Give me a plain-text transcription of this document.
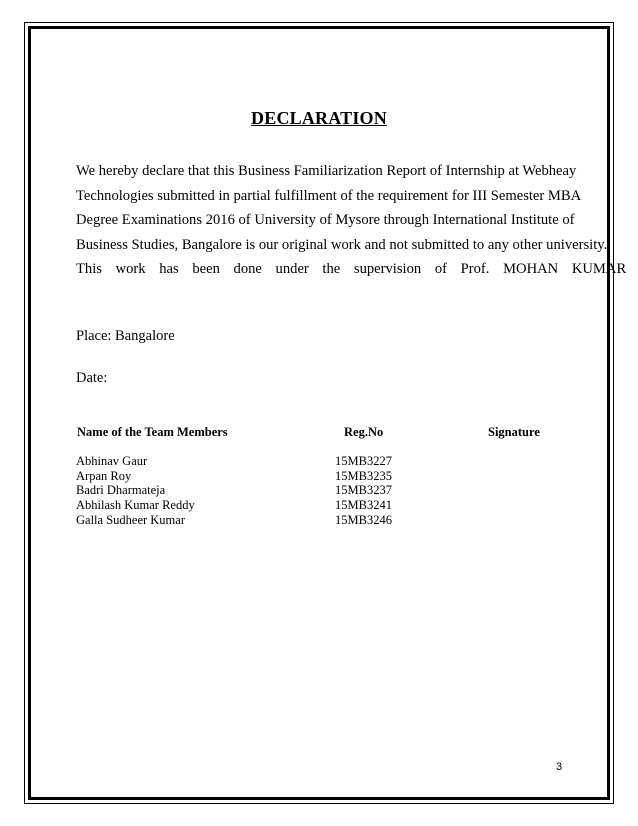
DECLARATION

We hereby declare that this Business Familiarization Report of Internship at Webheay
Technologies submitted in partial fulfillment of the requirement for III Semester MBA
Degree Examinations 2016 of University of Mysore through International Institute of
Business Studies, Bangalore is our original work and not submitted to any other university.
This work has been done under the supervision of Prof. MOHAN KUMAR

Place: Bangalore
Date:
Name of the Team Members	Reg.No	Signature
Abhinav Gaur	15MB3227
Arpan Roy	15MB3235
Badri Dharmateja	15MB3237
Abhilash Kumar Reddy	15MB3241
Galla Sudheer Kumar	15MB3246
3
